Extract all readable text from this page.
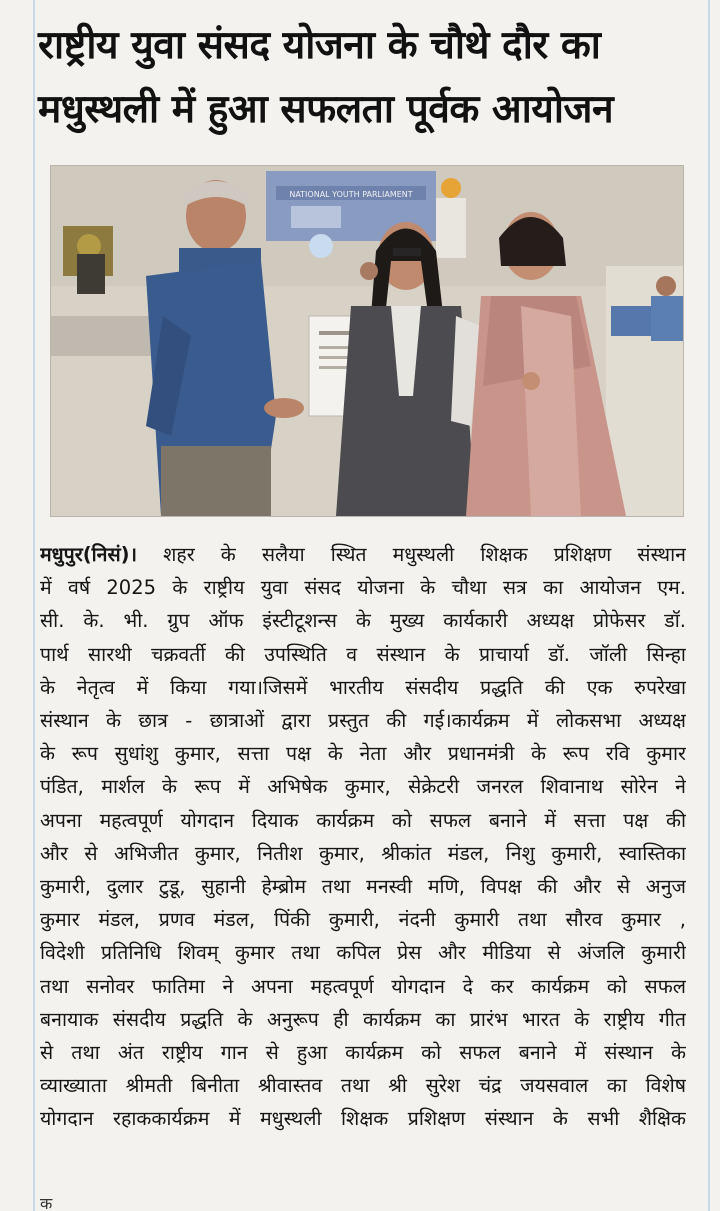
राष्ट्रीय युवा संसद योजना के चौथे दौर का
मधुस्थली में हुआ सफलता पूर्वक आयोजन
NATIONAL YOUTH PARLIAMENT
मधुपुर(निसं)। शहर के सलैया स्थित मधुस्थली शिक्षक प्रशिक्षण संस्थान
में वर्ष 2025 के राष्ट्रीय युवा संसद योजना के चौथा सत्र का आयोजन एम.
सी. के. भी. ग्रुप ऑफ इंस्टीटूशन्स के मुख्य कार्यकारी अध्यक्ष प्रोफेसर डॉ.
पार्थ सारथी चक्रवर्ती की उपस्थिति व संस्थान के प्राचार्या डॉ. जॉली सिन्हा
के नेतृत्व में किया गया।जिसमें भारतीय संसदीय प्रद्धति की एक रुपरेखा
संस्थान के छात्र - छात्राओं द्वारा प्रस्तुत की गई।कार्यक्रम में लोकसभा अध्यक्ष
के रूप सुधांशु कुमार, सत्ता पक्ष के नेता और प्रधानमंत्री के रूप रवि कुमार
पंडित, मार्शल के रूप में अभिषेक कुमार, सेक्रेटरी जनरल शिवानाथ सोरेन ने
अपना महत्वपूर्ण योगदान दियाक कार्यक्रम को सफल बनाने में सत्ता पक्ष की
और से अभिजीत कुमार, नितीश कुमार, श्रीकांत मंडल, निशु कुमारी, स्वास्तिका
कुमारी, दुलार टुडू, सुहानी हेम्ब्रोम तथा मनस्वी मणि, विपक्ष की और से अनुज
कुमार मंडल, प्रणव मंडल, पिंकी कुमारी, नंदनी कुमारी तथा सौरव कुमार ,
विदेशी प्रतिनिधि शिवम् कुमार तथा कपिल प्रेस और मीडिया से अंजलि कुमारी
तथा सनोवर फातिमा ने अपना महत्वपूर्ण योगदान दे कर कार्यक्रम को सफल
बनायाक संसदीय प्रद्धति के अनुरूप ही कार्यक्रम का प्रारंभ भारत के राष्ट्रीय गीत
से तथा अंत राष्ट्रीय गान से हुआ कार्यक्रम को सफल बनाने में संस्थान के
व्याख्याता श्रीमती बिनीता श्रीवास्तव तथा श्री सुरेश चंद्र जयसवाल का विशेष
योगदान रहाककार्यक्रम में मधुस्थली शिक्षक प्रशिक्षण संस्थान के सभी शैक्षिक
क
